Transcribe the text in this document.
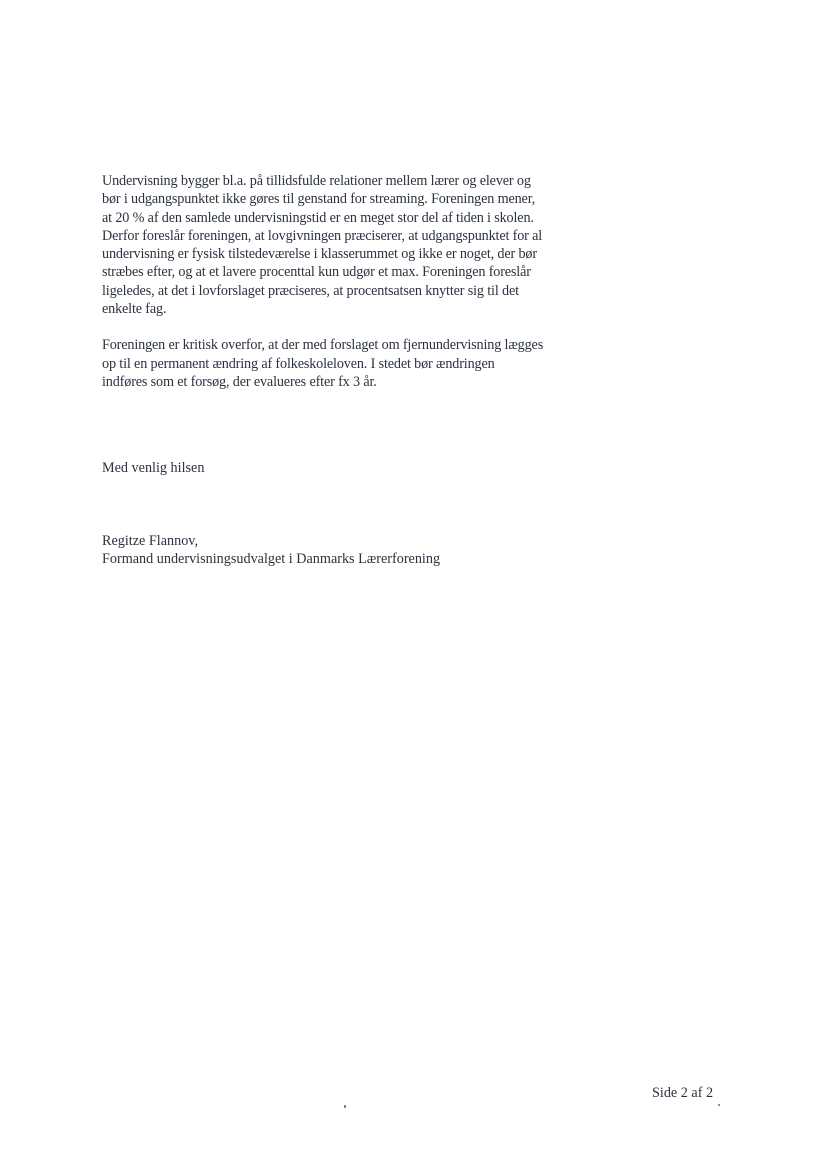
Undervisning bygger bl.a. på tillidsfulde relationer mellem lærer og elever og
bør i udgangspunktet ikke gøres til genstand for streaming. Foreningen mener,
at 20 % af den samlede undervisningstid er en meget stor del af tiden i skolen.
Derfor foreslår foreningen, at lovgivningen præciserer, at udgangspunktet for al
undervisning er fysisk tilstedeværelse i klasserummet og ikke er noget, der bør
stræbes efter, og at et lavere procenttal kun udgør et max. Foreningen foreslår
ligeledes, at det i lovforslaget præciseres, at procentsatsen knytter sig til det
enkelte fag.

Foreningen er kritisk overfor, at der med forslaget om fjernundervisning lægges
op til en permanent ændring af folkeskoleloven. I stedet bør ændringen
indføres som et forsøg, der evalueres efter fx 3 år.

Med venlig hilsen

Regitze Flannov,
Formand undervisningsudvalget i Danmarks Lærerforening

Side 2 af 2
